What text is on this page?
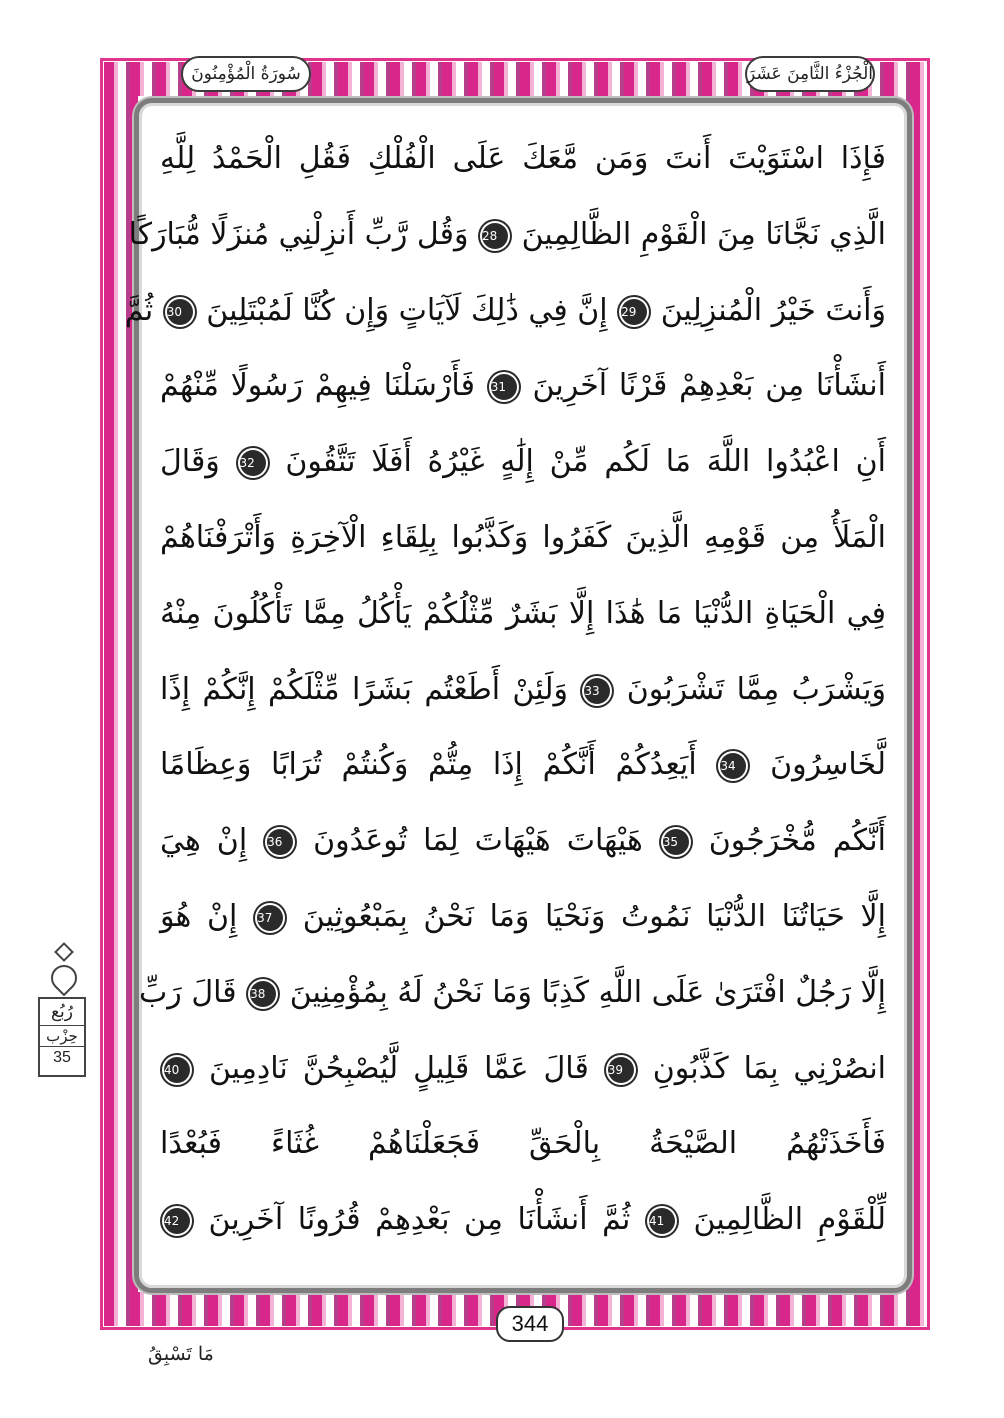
سُورَةُ الْمُؤْمِنُونَ	الْجُزْءُ الثَّامِنَ عَشَرَ
فَإِذَا اسْتَوَيْتَ أَنتَ وَمَن مَّعَكَ عَلَى الْفُلْكِ فَقُلِ الْحَمْدُ لِلَّهِ
الَّذِي نَجَّانَا مِنَ الْقَوْمِ الظَّالِمِينَ 28 وَقُل رَّبِّ أَنزِلْنِي مُنزَلًا مُّبَارَكًا
وَأَنتَ خَيْرُ الْمُنزِلِينَ 29 إِنَّ فِي ذَٰلِكَ لَآيَاتٍ وَإِن كُنَّا لَمُبْتَلِينَ 30 ثُمَّ
أَنشَأْنَا مِن بَعْدِهِمْ قَرْنًا آخَرِينَ 31 فَأَرْسَلْنَا فِيهِمْ رَسُولًا مِّنْهُمْ
أَنِ اعْبُدُوا اللَّهَ مَا لَكُم مِّنْ إِلَٰهٍ غَيْرُهُ أَفَلَا تَتَّقُونَ 32 وَقَالَ
الْمَلَأُ مِن قَوْمِهِ الَّذِينَ كَفَرُوا وَكَذَّبُوا بِلِقَاءِ الْآخِرَةِ وَأَتْرَفْنَاهُمْ
فِي الْحَيَاةِ الدُّنْيَا مَا هَٰذَا إِلَّا بَشَرٌ مِّثْلُكُمْ يَأْكُلُ مِمَّا تَأْكُلُونَ مِنْهُ
وَيَشْرَبُ مِمَّا تَشْرَبُونَ 33 وَلَئِنْ أَطَعْتُم بَشَرًا مِّثْلَكُمْ إِنَّكُمْ إِذًا
لَّخَاسِرُونَ 34 أَيَعِدُكُمْ أَنَّكُمْ إِذَا مِتُّمْ وَكُنتُمْ تُرَابًا وَعِظَامًا
أَنَّكُم مُّخْرَجُونَ 35 هَيْهَاتَ هَيْهَاتَ لِمَا تُوعَدُونَ 36 إِنْ هِيَ
إِلَّا حَيَاتُنَا الدُّنْيَا نَمُوتُ وَنَحْيَا وَمَا نَحْنُ بِمَبْعُوثِينَ 37 إِنْ هُوَ
إِلَّا رَجُلٌ افْتَرَىٰ عَلَى اللَّهِ كَذِبًا وَمَا نَحْنُ لَهُ بِمُؤْمِنِينَ 38 قَالَ رَبِّ
انصُرْنِي بِمَا كَذَّبُونِ 39 قَالَ عَمَّا قَلِيلٍ لَّيُصْبِحُنَّ نَادِمِينَ 40
فَأَخَذَتْهُمُ الصَّيْحَةُ بِالْحَقِّ فَجَعَلْنَاهُمْ غُثَاءً فَبُعْدًا
لِّلْقَوْمِ الظَّالِمِينَ 41 ثُمَّ أَنشَأْنَا مِن بَعْدِهِمْ قُرُونًا آخَرِينَ 42
344
رُبُع
حِزْب
35
مَا تَسْبِقُ
